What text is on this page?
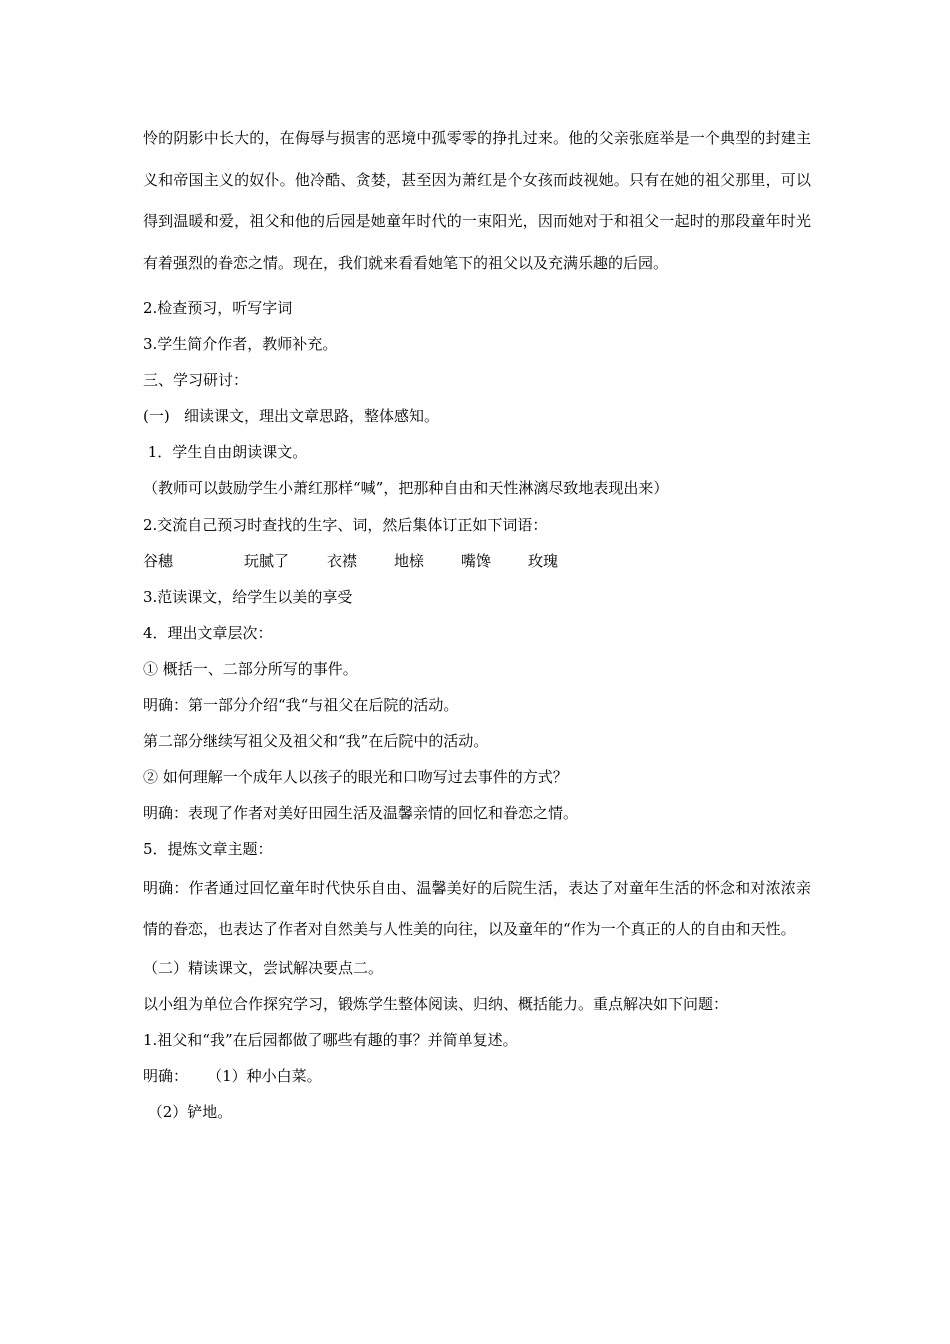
怜的阴影中长大的，在侮辱与损害的恶境中孤零零的挣扎过来。他的父亲张庭举是一个典型的封建主义和帝国主义的奴仆。他冷酷、贪婪，甚至因为萧红是个女孩而歧视她。只有在她的祖父那里，可以得到温暖和爱，祖父和他的后园是她童年时代的一束阳光，因而她对于和祖父一起时的那段童年时光有着强烈的眷恋之情。现在，我们就来看看她笔下的祖父以及充满乐趣的后园。

2.检查预习，听写字词
3.学生简介作者，教师补充。
三、学习研讨：
(一)   细读课文，理出文章思路，整体感知。
1．学生自由朗读课文。
（教师可以鼓励学生小萧红那样“喊”，把那种自由和天性淋漓尽致地表现出来）
2.交流自己预习时查找的生字、词，然后集体订正如下词语：
谷穗	玩腻了	衣襟	地榇	嘴馋	玫瑰
3.范读课文，给学生以美的享受
4．理出文章层次：
① 概括一、二部分所写的事件。
明确：第一部分介绍“我“与祖父在后院的活动。
第二部分继续写祖父及祖父和“我”在后院中的活动。
② 如何理解一个成年人以孩子的眼光和口吻写过去事件的方式？
明确：表现了作者对美好田园生活及温馨亲情的回忆和眷恋之情。
5．提炼文章主题：

明确：作者通过回忆童年时代快乐自由、温馨美好的后院生活，表达了对童年生活的怀念和对浓浓亲情的眷恋，也表达了作者对自然美与人性美的向往，以及童年的“作为一个真正的人的自由和天性。

（二）精读课文，尝试解决要点二。
以小组为单位合作探究学习，锻炼学生整体阅读、归纳、概括能力。重点解决如下问题：
1.祖父和“我”在后园都做了哪些有趣的事？并简单复述。
明确：    （1）种小白菜。
（2）铲地。
